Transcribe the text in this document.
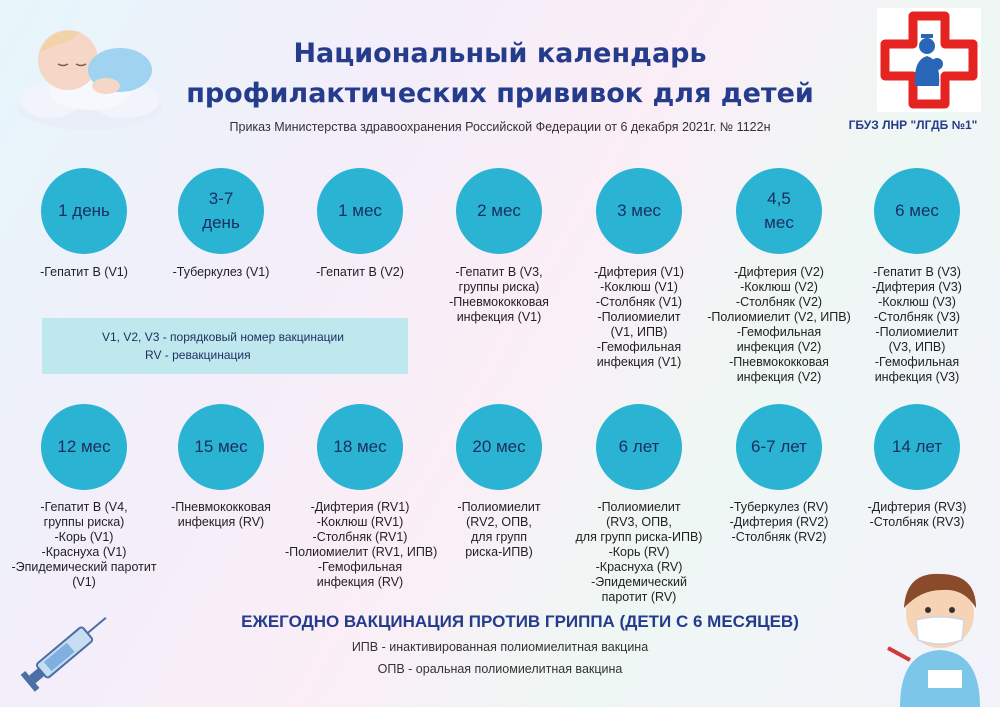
Национальный календарь
профилактических прививок для детей
Приказ Министерства здравоохранения Российской Федерации от 6 декабря 2021г. № 1122н	ГБУЗ ЛНР "ЛГДБ №1"
1 день
-Гепатит В (V1)
3-7
день
-Туберкулез (V1)
1 мес
-Гепатит В (V2)
2 мес
-Гепатит В (V3,
группы риска)
-Пневмококковая
инфекция (V1)
3 мес
-Дифтерия (V1)
-Коклюш (V1)
-Столбняк (V1)
-Полиомиелит
(V1, ИПВ)
-Гемофильная
инфекция (V1)
4,5
мес
-Дифтерия (V2)
-Коклюш (V2)
-Столбняк (V2)
-Полиомиелит (V2, ИПВ)
-Гемофильная
инфекция (V2)
-Пневмококковая
инфекция (V2)
6 мес
-Гепатит В (V3)
-Дифтерия (V3)
-Коклюш (V3)
-Столбняк (V3)
-Полиомиелит
(V3, ИПВ)
-Гемофильная
инфекция (V3)
V1, V2, V3 - порядковый номер вакцинации
RV - ревакцинация
12 мес
-Гепатит В (V4,
группы риска)
-Корь (V1)
-Краснуха (V1)
-Эпидемический паротит
(V1)
15 мес
-Пневмококковая
инфекция (RV)
18 мес
-Дифтерия (RV1)
-Коклюш (RV1)
-Столбняк (RV1)
-Полиомиелит (RV1, ИПВ)
-Гемофильная
инфекция (RV)
20 мес
-Полиомиелит
(RV2, ОПВ,
для групп
риска-ИПВ)
6 лет
-Полиомиелит
(RV3, ОПВ,
для групп риска-ИПВ)
-Корь (RV)
-Краснуха (RV)
-Эпидемический
паротит (RV)
6-7 лет
-Туберкулез (RV)
-Дифтерия (RV2)
-Столбняк (RV2)
14 лет
-Дифтерия (RV3)
-Столбняк (RV3)
ЕЖЕГОДНО ВАКЦИНАЦИЯ ПРОТИВ ГРИППА (ДЕТИ С 6 МЕСЯЦЕВ)
ИПВ - инактивированная полиомиелитная вакцина
ОПВ - оральная полиомиелитная вакцина
